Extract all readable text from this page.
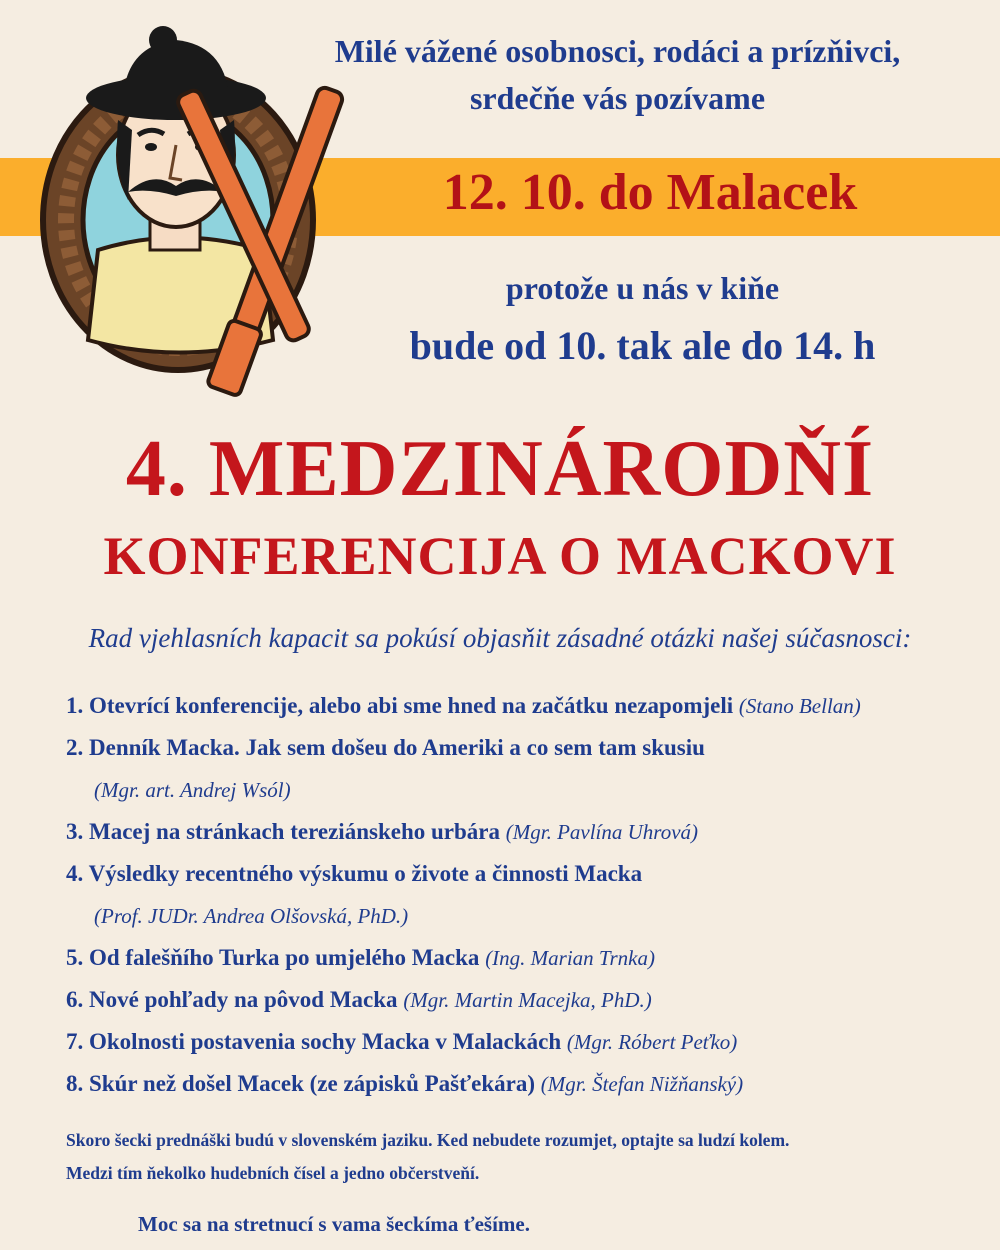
Milé vážené osobnosci, rodáci a prízňivci,
srdečňe vás pozívame
12. 10. do Malacek
protože u nás v kiňe
bude od 10. tak ale do 14. h
4. MEDZINÁRODŇÍ
KONFERENCIJA O MACKOVI
Rad vjehlasních kapacit sa pokúsí objasňit zásadné otázki našej súčasnosci:
1. Otevrící konferencije, alebo abi sme hned na začátku nezapomjeli (Stano Bellan)
2. Denník Macka. Jak sem došeu do Ameriki a co sem tam skusiu
(Mgr. art. Andrej Wsól)
3. Macej na stránkach tereziánskeho urbára (Mgr. Pavlína Uhrová)
4. Výsledky recentného výskumu o živote a činnosti Macka
(Prof. JUDr. Andrea Olšovská, PhD.)
5. Od falešňího Turka po umjelého Macka (Ing. Marian Trnka)
6. Nové pohľady na pôvod Macka (Mgr. Martin Macejka, PhD.)
7. Okolnosti postavenia sochy Macka v Malackách (Mgr. Róbert Peťko)
8. Skúr než došel Macek (ze zápisků Pašťekára) (Mgr. Štefan Nižňanský)
Skoro šecki prednáški budú v slovenském jaziku. Ked nebudete rozumjet, optajte sa ludzí kolem.
Medzi tím ňekolko hudebních čísel a jedno občerstveňí.
Moc sa na stretnucí s vama šeckíma ťešíme.
